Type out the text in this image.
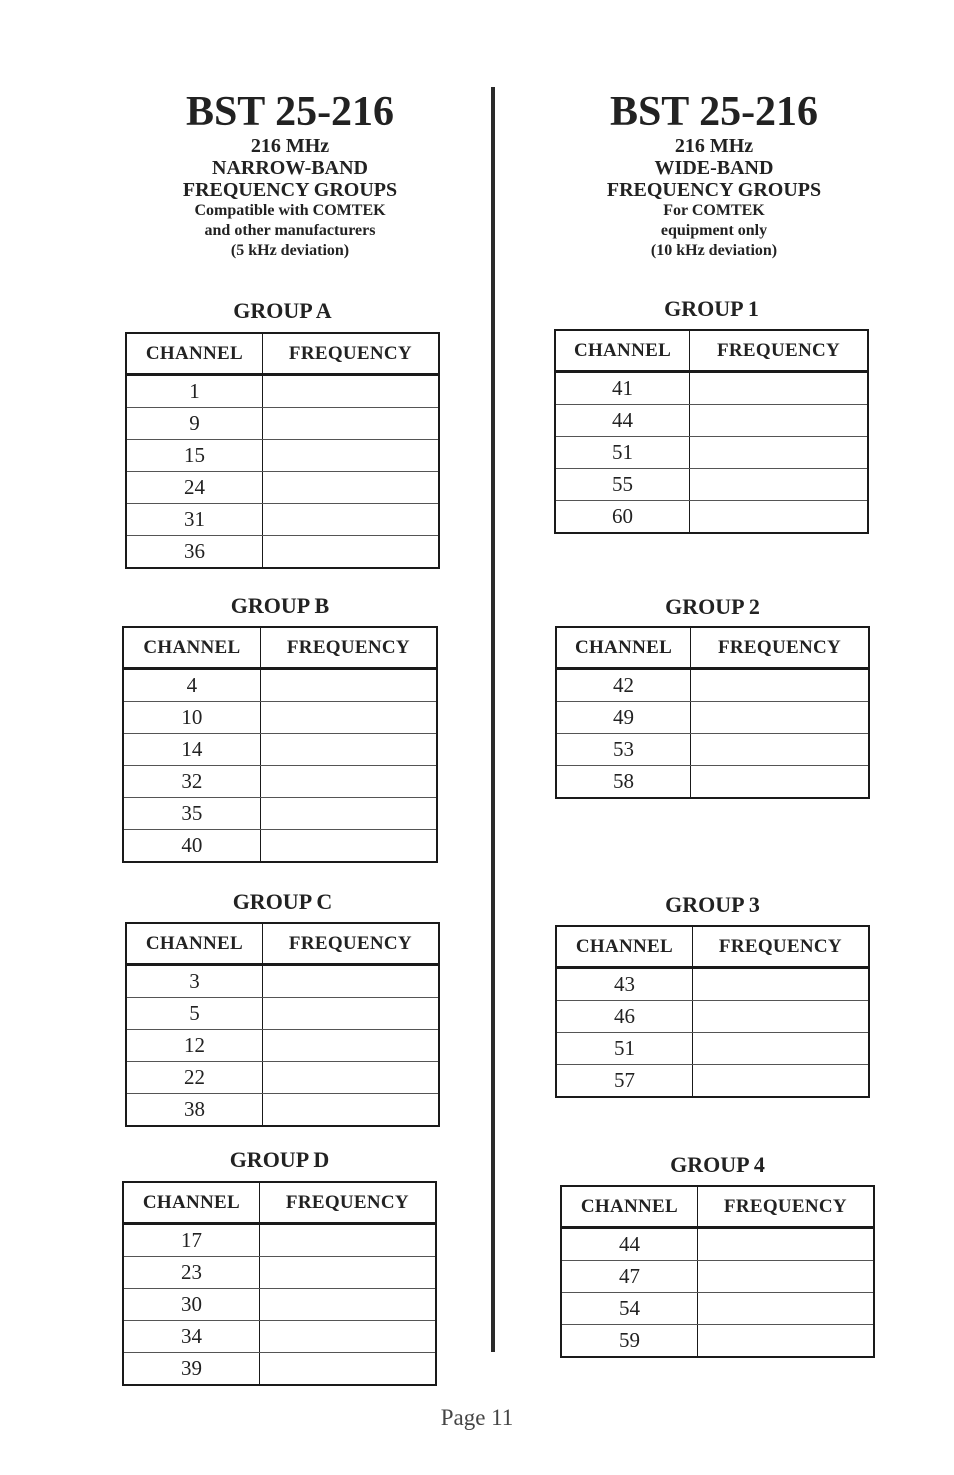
BST 25-216
216 MHz
NARROW-BAND
FREQUENCY GROUPS
Compatible with COMTEK
and other manufacturers
(5 kHz deviation)
BST 25-216
216 MHz
WIDE-BAND
FREQUENCY GROUPS
For COMTEK
equipment only
(10 kHz deviation)
GROUP A
CHANNEL	FREQUENCY
1	
9	
15	
24	
31	
36	
GROUP B
CHANNEL	FREQUENCY
4	
10	
14	
32	
35	
40	
GROUP C
CHANNEL	FREQUENCY
3	
5	
12	
22	
38	
GROUP D
CHANNEL	FREQUENCY
17	
23	
30	
34	
39	
GROUP 1
CHANNEL	FREQUENCY
41	
44	
51	
55	
60	
GROUP 2
CHANNEL	FREQUENCY
42	
49	
53	
58	
GROUP 3
CHANNEL	FREQUENCY
43	
46	
51	
57	
GROUP 4
CHANNEL	FREQUENCY
44	
47	
54	
59	
Page 11
